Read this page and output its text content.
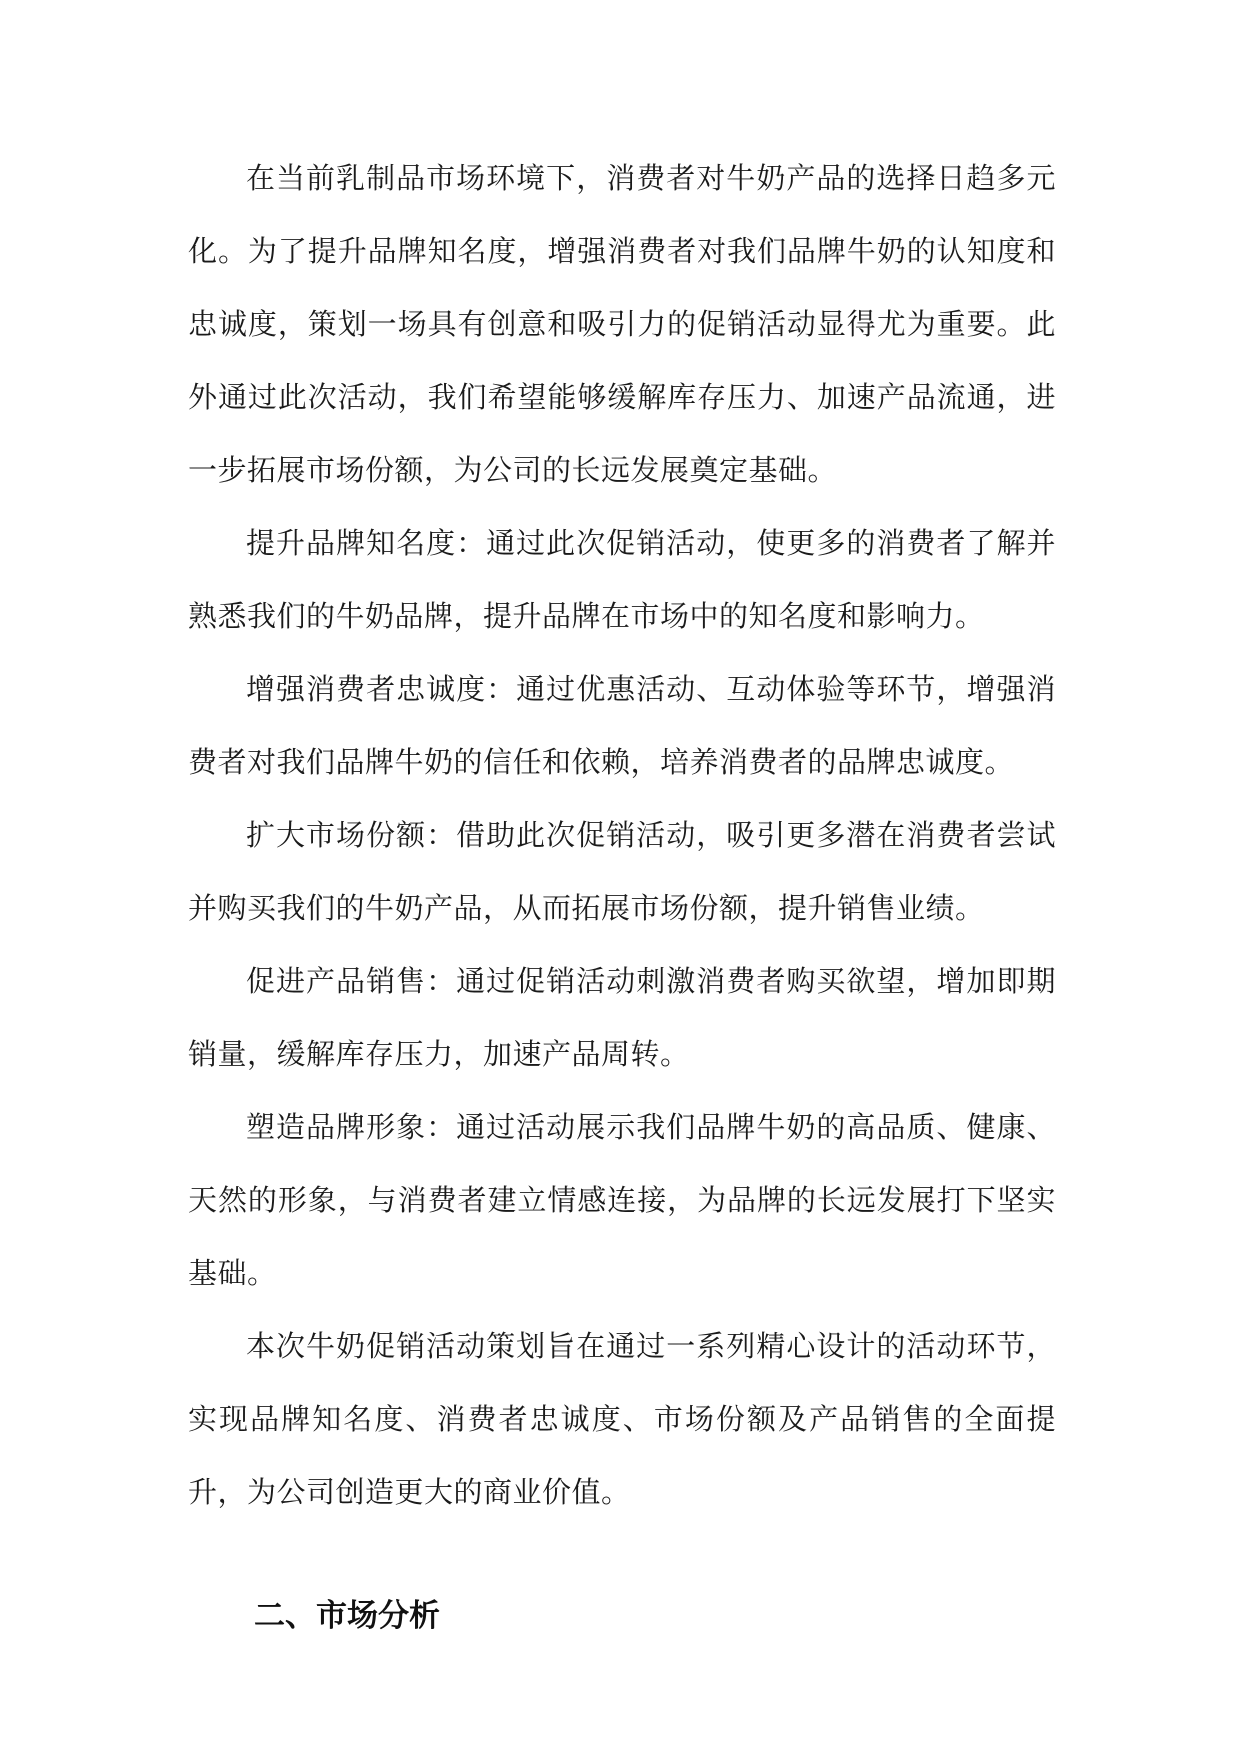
在当前乳制品市场环境下，消费者对牛奶产品的选择日趋多元化。为了提升品牌知名度，增强消费者对我们品牌牛奶的认知度和忠诚度，策划一场具有创意和吸引力的促销活动显得尤为重要。此外通过此次活动，我们希望能够缓解库存压力、加速产品流通，进一步拓展市场份额，为公司的长远发展奠定基础。

提升品牌知名度：通过此次促销活动，使更多的消费者了解并熟悉我们的牛奶品牌，提升品牌在市场中的知名度和影响力。

增强消费者忠诚度：通过优惠活动、互动体验等环节，增强消费者对我们品牌牛奶的信任和依赖，培养消费者的品牌忠诚度。

扩大市场份额：借助此次促销活动，吸引更多潜在消费者尝试并购买我们的牛奶产品，从而拓展市场份额，提升销售业绩。

促进产品销售：通过促销活动刺激消费者购买欲望，增加即期销量，缓解库存压力，加速产品周转。

塑造品牌形象：通过活动展示我们品牌牛奶的高品质、健康、天然的形象，与消费者建立情感连接，为品牌的长远发展打下坚实基础。

本次牛奶促销活动策划旨在通过一系列精心设计的活动环节，实现品牌知名度、消费者忠诚度、市场份额及产品销售的全面提升，为公司创造更大的商业价值。

二、市场分析
